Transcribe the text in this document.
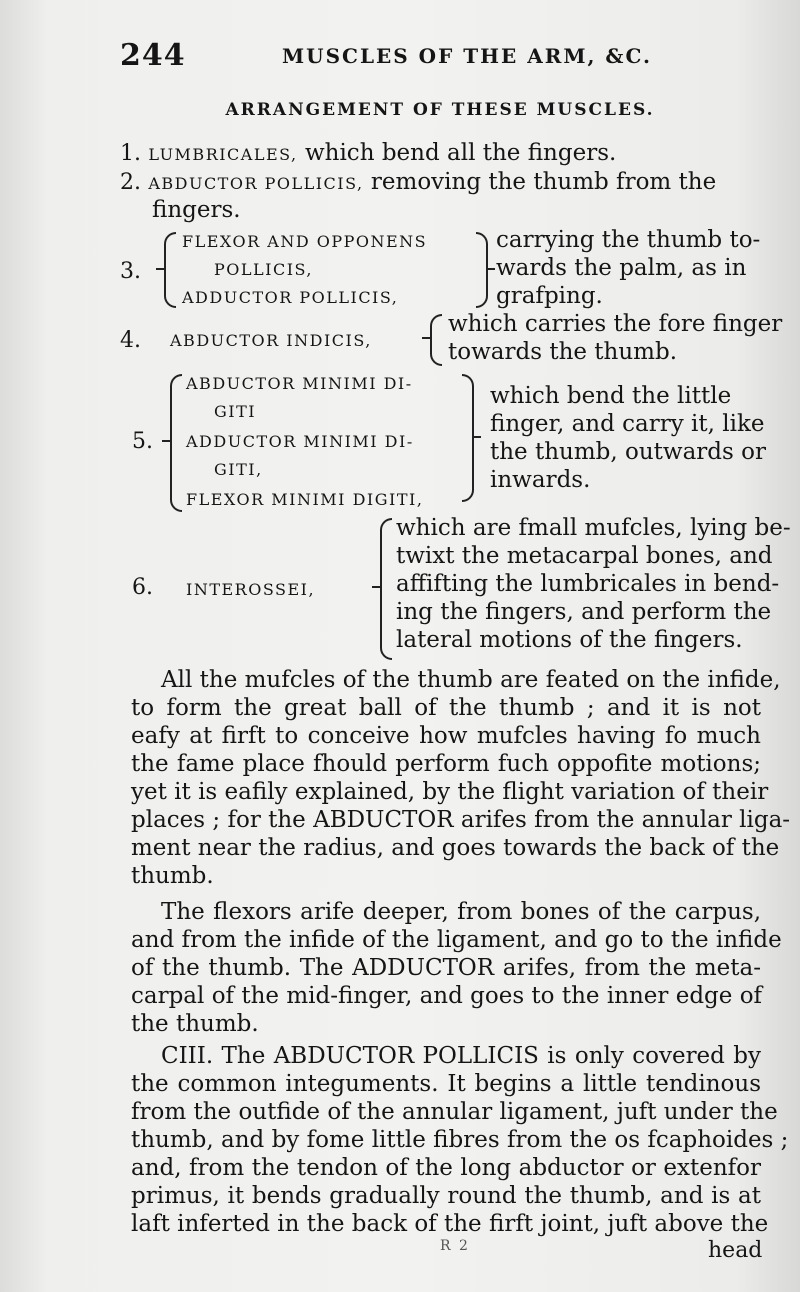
244	MUSCLES OF THE ARM, &C.
ARRANGEMENT OF THESE MUSCLES.
1. LUMBRICALES, which bend all the fingers.
2. ABDUCTOR POLLICIS, removing the thumb from the
fingers.
3.
FLEXOR AND OPPONENS
POLLICIS,
ADDUCTOR POLLICIS,
carrying the thumb to-
wards the palm, as in
grafping.
4. ABDUCTOR INDICIS,
which carries the fore finger
towards the thumb.
5.
ABDUCTOR MINIMI DI-
GITI
ADDUCTOR MINIMI DI-
GITI,
FLEXOR MINIMI DIGITI,
which bend the little
finger, and carry it, like
the thumb, outwards or
inwards.
6. INTEROSSEI,
which are fmall mufcles, lying be-
twixt the metacarpal bones, and
affifting the lumbricales in bend-
ing the fingers, and perform the
lateral motions of the fingers.
All the mufcles of the thumb are feated on the infide,
to form the great ball of the thumb ; and it is not
eafy at firft to conceive how mufcles having fo much
the fame place fhould perform fuch oppofite motions;
yet it is eafily explained, by the flight variation of their
places ; for the ABDUCTOR arifes from the annular liga-
ment near the radius, and goes towards the back of the
thumb.
The flexors arife deeper, from bones of the carpus,
and from the infide of the ligament, and go to the infide
of the thumb. The ADDUCTOR arifes, from the meta-
carpal of the mid-finger, and goes to the inner edge of
the thumb.
CIII. The ABDUCTOR POLLICIS is only covered by
the common integuments. It begins a little tendinous
from the outfide of the annular ligament, juft under the
thumb, and by fome little fibres from the os fcaphoides ;
and, from the tendon of the long abductor or extenfor
primus, it bends gradually round the thumb, and is at
laft inferted in the back of the firft joint, juft above the
R 2	head
